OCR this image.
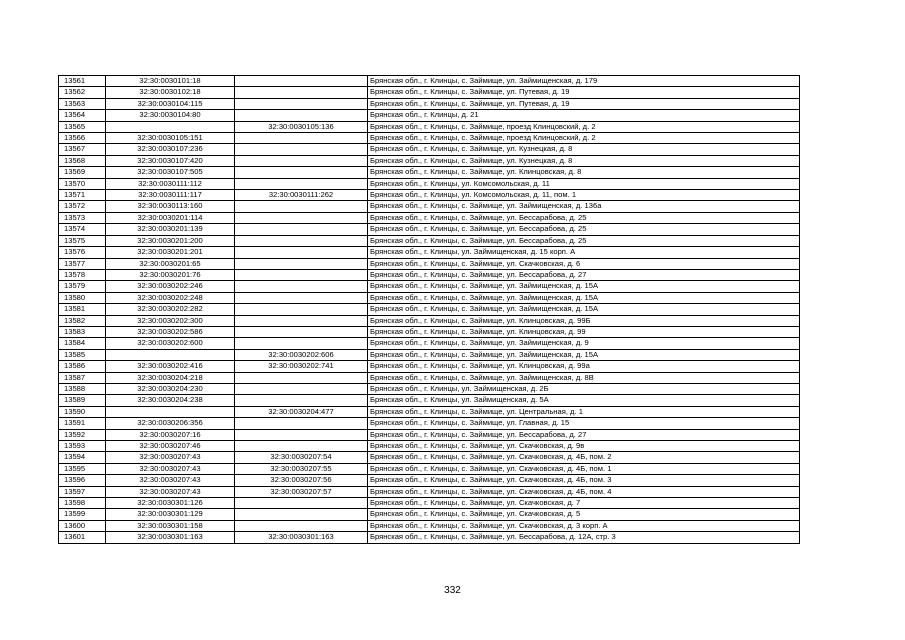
13561	32:30:0030101:18		Брянская обл., г. Клинцы, с. Займище, ул. Займищенская, д. 179
13562	32:30:0030102:18		Брянская обл., г. Клинцы, с. Займище, ул. Путевая, д. 19
13563	32:30:0030104:115		Брянская обл., г. Клинцы, с. Займище, ул. Путевая, д. 19
13564	32:30:0030104:80		Брянская обл., г. Клинцы, д. 21
13565		32:30:0030105:136	Брянская обл., г. Клинцы, с. Займище, проезд Клинцовский, д. 2
13566	32:30:0030105:151		Брянская обл., г. Клинцы, с. Займище, проезд Клинцовский, д. 2
13567	32:30:0030107:236		Брянская обл., г. Клинцы, с. Займище, ул. Кузнецкая, д. 8
13568	32:30:0030107:420		Брянская обл., г. Клинцы, с. Займище, ул. Кузнецкая, д. 8
13569	32:30:0030107:505		Брянская обл., г. Клинцы, с. Займище, ул. Клинцовская, д. 8
13570	32:30:0030111:112		Брянская обл., г. Клинцы, ул. Комсомольская, д. 11
13571	32:30:0030111:117	32:30:0030111:262	Брянская обл., г. Клинцы, ул. Комсомольская, д. 11, пом. 1
13572	32:30:0030113:160		Брянская обл., г. Клинцы, с. Займище, ул. Займищенская, д. 136а
13573	32:30:0030201:114		Брянская обл., г. Клинцы, с. Займище, ул. Бессарабова, д. 25
13574	32:30:0030201:139		Брянская обл., г. Клинцы, с. Займище, ул. Бессарабова, д. 25
13575	32:30:0030201:200		Брянская обл., г. Клинцы, с. Займище, ул. Бессарабова, д. 25
13576	32:30:0030201:201		Брянская обл., г. Клинцы, ул. Займищенская, д. 15 корп. А
13577	32:30:0030201:65		Брянская обл., г. Клинцы, с. Займище, ул. Скачковская, д. 6
13578	32:30:0030201:76		Брянская обл., г. Клинцы, с. Займище, ул. Бессарабова, д. 27
13579	32:30:0030202:246		Брянская обл., г. Клинцы, с. Займище, ул. Займищенская, д. 15А
13580	32:30:0030202:248		Брянская обл., г. Клинцы, с. Займище, ул. Займищенская, д. 15А
13581	32:30:0030202:282		Брянская обл., г. Клинцы, с. Займище, ул. Займищенская, д. 15А
13582	32:30:0030202:300		Брянская обл., г. Клинцы, с. Займище, ул. Клинцовская, д. 99Б
13583	32:30:0030202:586		Брянская обл., г. Клинцы, с. Займище, ул. Клинцовская, д. 99
13584	32:30:0030202:600		Брянская обл., г. Клинцы, с. Займище, ул. Займищенская, д. 9
13585		32:30:0030202:606	Брянская обл., г. Клинцы, с. Займище, ул. Займищенская, д. 15А
13586	32:30:0030202:416	32:30:0030202:741	Брянская обл., г. Клинцы, с. Займище, ул. Клинцовская, д. 99а
13587	32:30:0030204:218		Брянская обл., г. Клинцы, с. Займище, ул. Займищенская, д. 8В
13588	32:30:0030204:230		Брянская обл., г. Клинцы, ул. Займищенская, д. 2Б
13589	32:30:0030204:238		Брянская обл., г. Клинцы, ул. Займищенская, д. 5А
13590		32:30:0030204:477	Брянская обл., г. Клинцы, с. Займище, ул. Центральная, д. 1
13591	32:30:0030206:356		Брянская обл., г. Клинцы, с. Займище, ул. Главная, д. 15
13592	32:30:0030207:16		Брянская обл., г. Клинцы, с. Займище, ул. Бессарабова, д. 27
13593	32:30:0030207:46		Брянская обл., г. Клинцы, с. Займище, ул. Скачковская, д. 9в
13594	32:30:0030207:43	32:30:0030207:54	Брянская обл., г. Клинцы, с. Займище, ул. Скачковская, д. 4Б, пом. 2
13595	32:30:0030207:43	32:30:0030207:55	Брянская обл., г. Клинцы, с. Займище, ул. Скачковская, д. 4Б, пом. 1
13596	32:30:0030207:43	32:30:0030207:56	Брянская обл., г. Клинцы, с. Займище, ул. Скачковская, д. 4Б, пом. 3
13597	32:30:0030207:43	32:30:0030207:57	Брянская обл., г. Клинцы, с. Займище, ул. Скачковская, д. 4Б, пом. 4
13598	32:30:0030301:126		Брянская обл., г. Клинцы, с. Займище, ул. Скачковская, д. 7
13599	32:30:0030301:129		Брянская обл., г. Клинцы, с. Займище, ул. Скачковская, д. 5
13600	32:30:0030301:158		Брянская обл., г. Клинцы, с. Займище, ул. Скачковская, д. 3 корп. А
13601	32:30:0030301:163	32:30:0030301:163	Брянская обл., г. Клинцы, с. Займище, ул. Бессарабова, д. 12А, стр. 3
332
